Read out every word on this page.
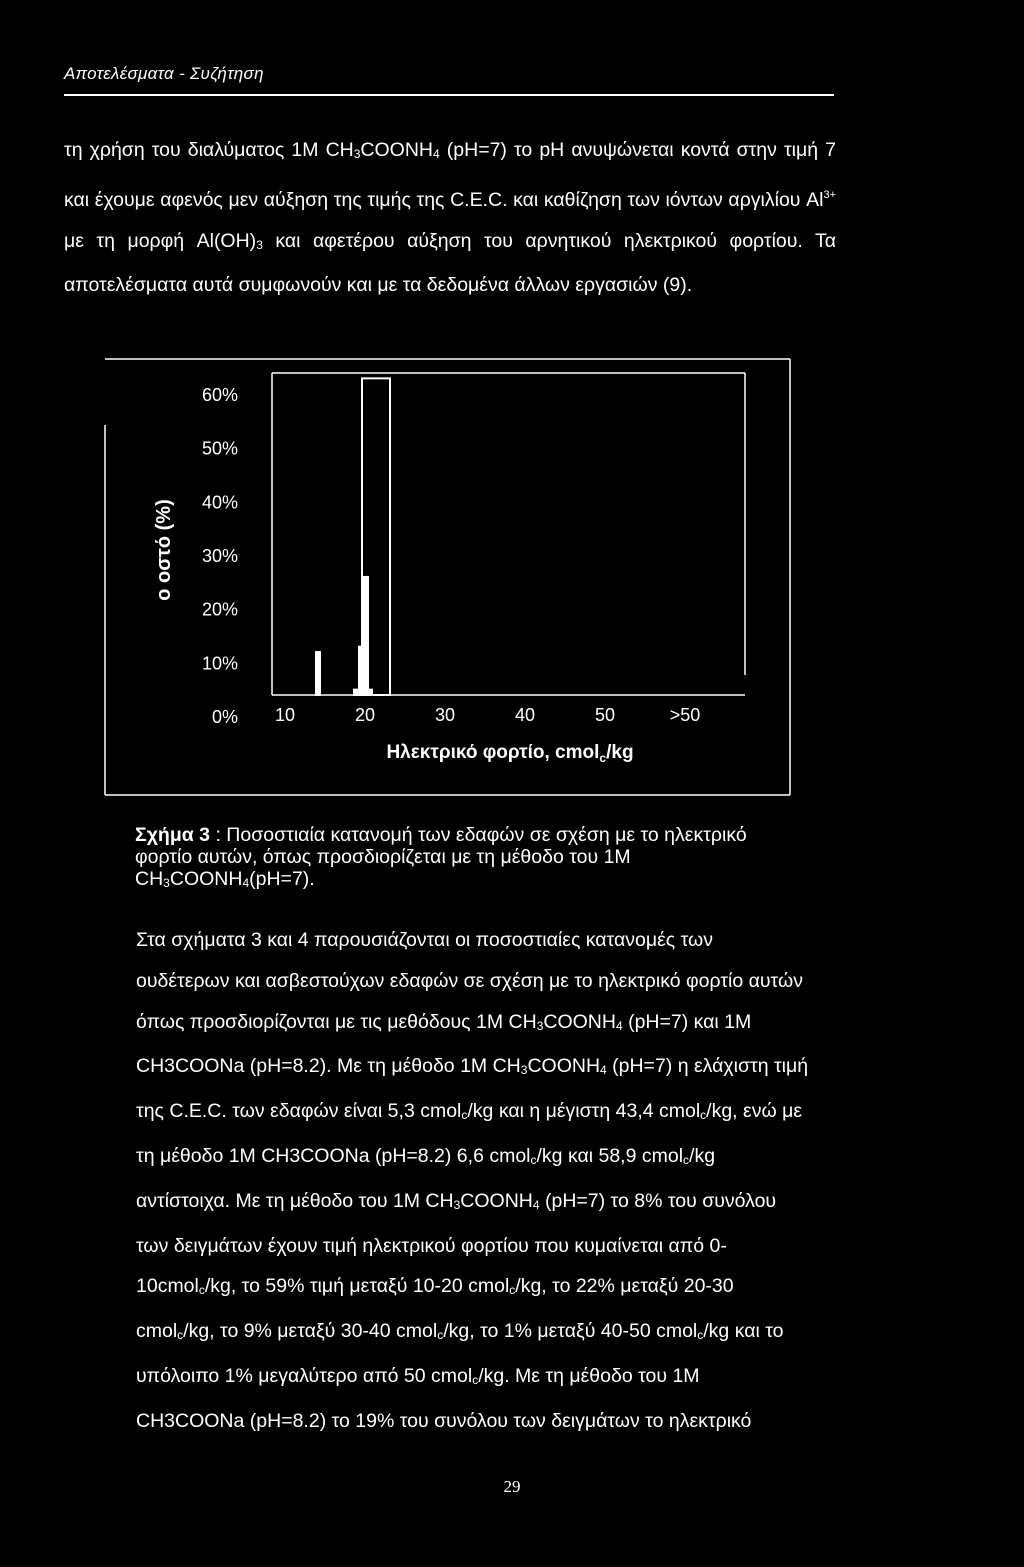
Αποτελέσματα - Συζήτηση
τη χρήση του διαλύματος 1M $CH_3COONH_4$ (pH=7) το pH ανυψώνεται κοντά στην τιμή 7 και έχουμε αφενός μεν αύξηση της τιμής της C.E.C. και καθίζηση των ιόντων αργιλίου $Al^{3+}$ με τη μορφή $Al(OH)_3$ και αφετέρου αύξηση του αρνητικού ηλεκτρικού φορτίου. Τα αποτελέσματα αυτά συμφωνούν και με τα δεδομένα άλλων εργασιών (9).
60%
50%
40%
30%
20%
10%
0% 10	20	30	40	50	>50
ο οστό (%)
Ηλεκτρικό φορτίο, cmol$_c$/kg
Σχήμα 3 : Ποσοστιαία κατανομή των εδαφών σε σχέση με το ηλεκτρικό φορτίο αυτών, όπως προσδιορίζεται με τη μέθοδο του 1M $CH_3COONH_4(pH=7)$.
Στα σχήματα 3 και 4 παρουσιάζονται οι ποσοστιαίες κατανομές των
ουδέτερων και ασβεστούχων εδαφών σε σχέση με το ηλεκτρικό φορτίο αυτών
όπως προσδιορίζονται με τις μεθόδους 1M $CH_3COONH_4$ (pH=7) και 1M
CH3COONa (pH=8.2). Με τη μέθοδο 1M $CH_3COONH_4$ (pH=7) η ελάχιστη τιμή
της C.E.C. των εδαφών είναι 5,3 cmol$_c$/kg και η μέγιστη 43,4 cmol$_c$/kg, ενώ με
τη μέθοδο 1M CH3COONa (pH=8.2) 6,6 cmol$_c$/kg και 58,9 cmol$_c$/kg
αντίστοιχα. Με τη μέθοδο του 1M $CH_3COONH_4$ (pH=7) το 8% του συνόλου
των δειγμάτων έχουν τιμή ηλεκτρικού φορτίου που κυμαίνεται από 0-
10cmol$_c$/kg, το 59% τιμή μεταξύ 10-20 cmol$_c$/kg, το 22% μεταξύ 20-30
cmol$_c$/kg, το 9% μεταξύ 30-40 cmol$_c$/kg, το 1% μεταξύ 40-50 cmol$_c$/kg και το
υπόλοιπο 1% μεγαλύτερο από 50 cmol$_c$/kg. Με τη μέθοδο του 1M
CH3COONa (pH=8.2) το 19% του συνόλου των δειγμάτων το ηλεκτρικό
29
